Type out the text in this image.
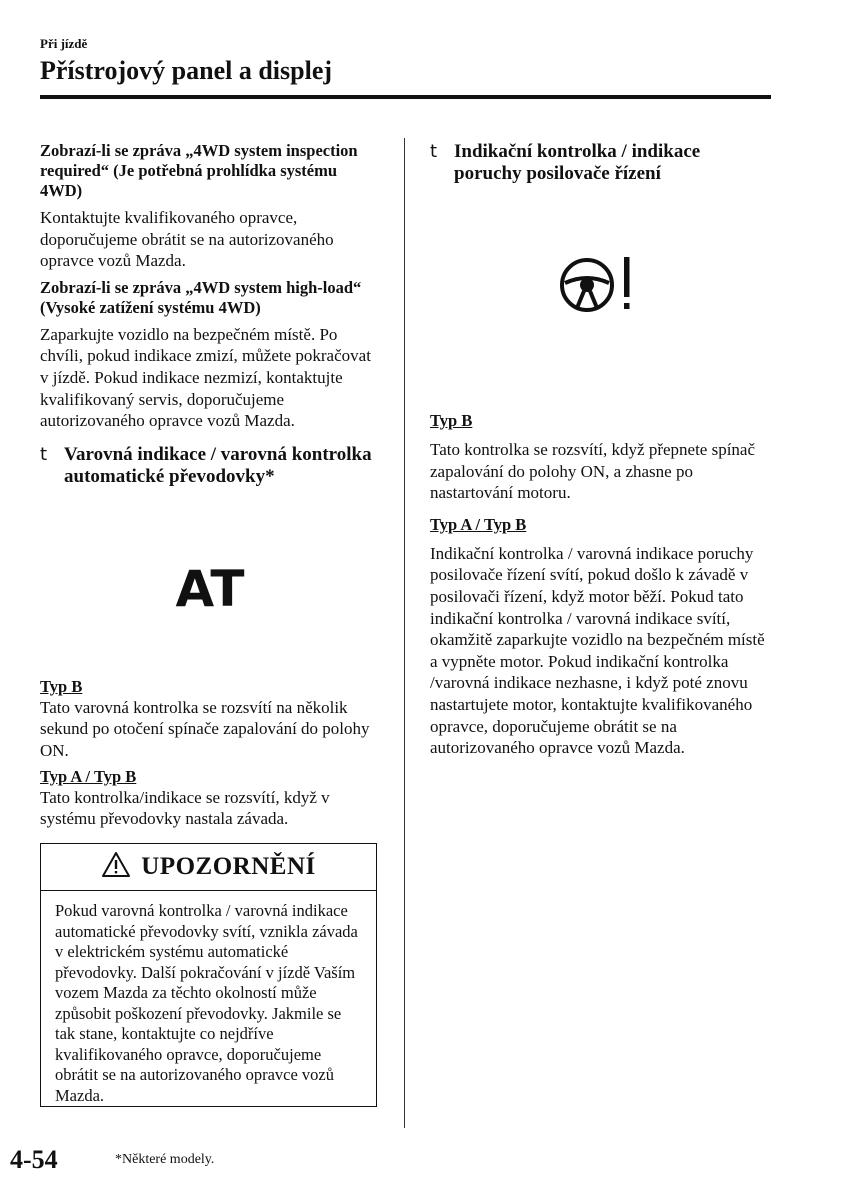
Při jízdě
Přístrojový panel a displej

Zobrazí-li se zpráva „4WD system inspection required“ (Je potřebná prohlídka systému 4WD)

Kontaktujte kvalifikovaného opravce, doporučujeme obrátit se na autorizovaného opravce vozů Mazda.

Zobrazí-li se zpráva „4WD system high-load“ (Vysoké zatížení systému 4WD)

Zaparkujte vozidlo na bezpečném místě. Po chvíli, pokud indikace zmizí, můžete pokračovat v jízdě. Pokud indikace nezmizí, kontaktujte kvalifikovaný servis, doporučujeme autorizovaného opravce vozů Mazda.

t Varovná indikace / varovná kontrolka automatické převodovky*
AT

Typ B

Tato varovná kontrolka se rozsvítí na několik sekund po otočení spínače zapalování do polohy ON.

Typ A / Typ B

Tato kontrolka/indikace se rozsvítí, když v systému převodovky nastala závada.

UPOZORNĚNÍ
Pokud varovná kontrolka / varovná indikace automatické převodovky svítí, vznikla závada v elektrickém systému automatické převodovky. Další pokračování v jízdě Vaším vozem Mazda za těchto okolností může způsobit poškození převodovky. Jakmile se tak stane, kontaktujte co nejdříve kvalifikovaného opravce, doporučujeme obrátit se na autorizovaného opravce vozů Mazda.
t Indikační kontrolka / indikace poruchy posilovače řízení

Typ B

Tato kontrolka se rozsvítí, když přepnete spínač zapalování do polohy ON, a zhasne po nastartování motoru.

Typ A / Typ B

Indikační kontrolka / varovná indikace poruchy posilovače řízení svítí, pokud došlo k závadě v posilovači řízení, když motor běží. Pokud tato indikační kontrolka / varovná indikace svítí, okamžitě zaparkujte vozidlo na bezpečném místě a vypněte motor. Pokud indikační kontrolka /varovná indikace nezhasne, i když poté znovu nastartujete motor, kontaktujte kvalifikovaného opravce, doporučujeme obrátit se na autorizovaného opravce vozů Mazda.

4-54	*Některé modely.
